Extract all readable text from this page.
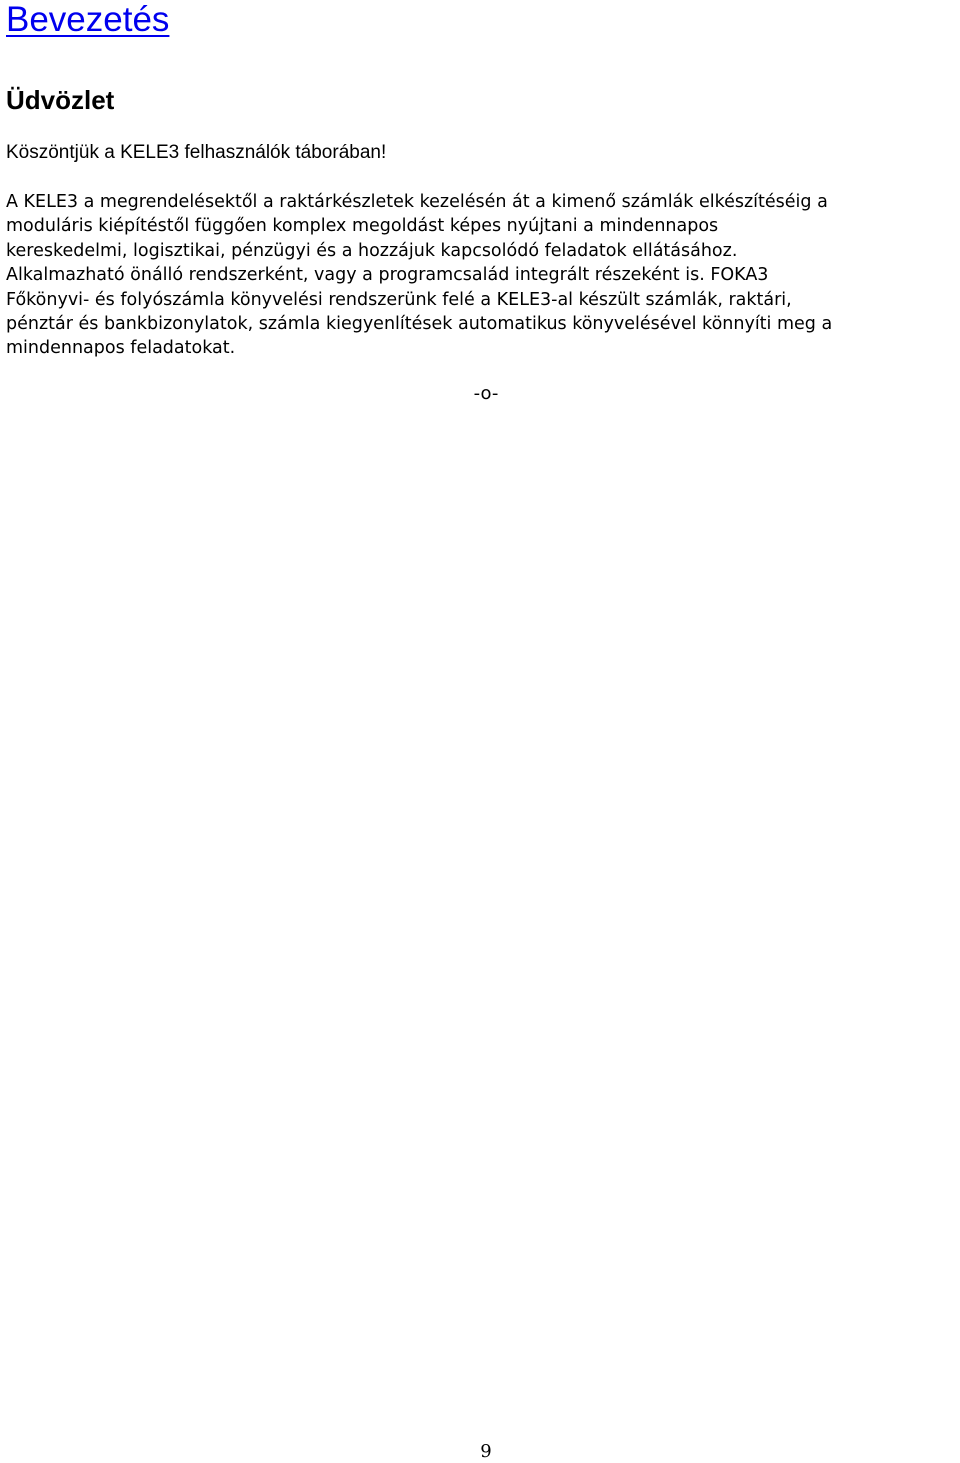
Bevezetés
Üdvözlet

Köszöntjük a KELE3 felhasználók táborában!

A KELE3 a megrendelésektől a raktárkészletek kezelésén át a kimenő számlák elkészítéséig a
moduláris kiépítéstől függően komplex megoldást képes nyújtani a mindennapos
kereskedelmi, logisztikai, pénzügyi és a hozzájuk kapcsolódó feladatok ellátásához.
Alkalmazható önálló rendszerként, vagy a programcsalád integrált részeként is. FOKA3
Főkönyvi- és folyószámla könyvelési rendszerünk felé a KELE3-al készült számlák, raktári,
pénztár és bankbizonylatok, számla kiegyenlítések automatikus könyvelésével könnyíti meg a
mindennapos feladatokat.

-o-

9
